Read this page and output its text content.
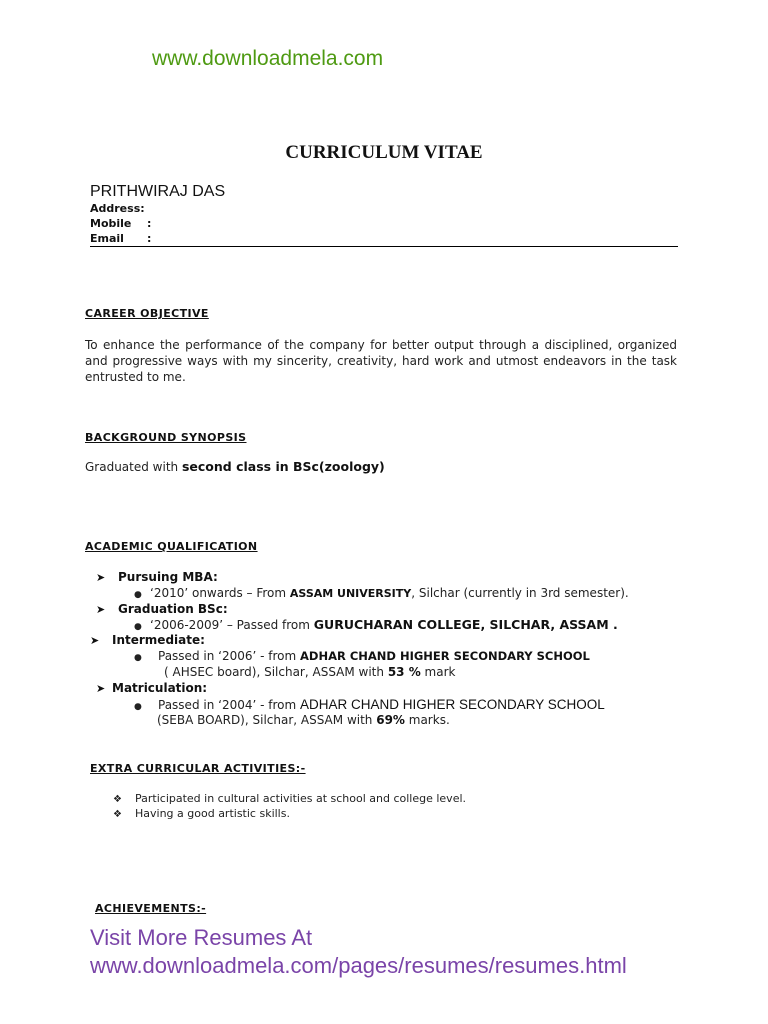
www.downloadmela.com
CURRICULUM VITAE
PRITHWIRAJ DAS
Address:
Mobile :
Email :
CAREER OBJECTIVE
To enhance the performance of the company for better output through a disciplined, organized and progressive ways with my sincerity, creativity, hard work and utmost endeavors in the task entrusted to me.
BACKGROUND SYNOPSIS
Graduated with second class in BSc(zoology)
ACADEMIC QUALIFICATION
➤ Pursuing MBA:
● ‘2010’ onwards – From ASSAM UNIVERSITY, Silchar (currently in 3rd semester).
➤ Graduation BSc:
● ‘2006-2009’ – Passed from GURUCHARAN COLLEGE, SILCHAR, ASSAM .
➤ Intermediate:
● Passed in ‘2006’ - from ADHAR CHAND HIGHER SECONDARY SCHOOL
( AHSEC board), Silchar, ASSAM with 53 % mark
➤ Matriculation:
● Passed in ‘2004’ - from ADHAR CHAND HIGHER SECONDARY SCHOOL
(SEBA BOARD), Silchar, ASSAM with 69% marks.
EXTRA CURRICULAR ACTIVITIES:-
❖ Participated in cultural activities at school and college level.
❖ Having a good artistic skills.
ACHIEVEMENTS:-
Visit More Resumes At
www.downloadmela.com/pages/resumes/resumes.html
